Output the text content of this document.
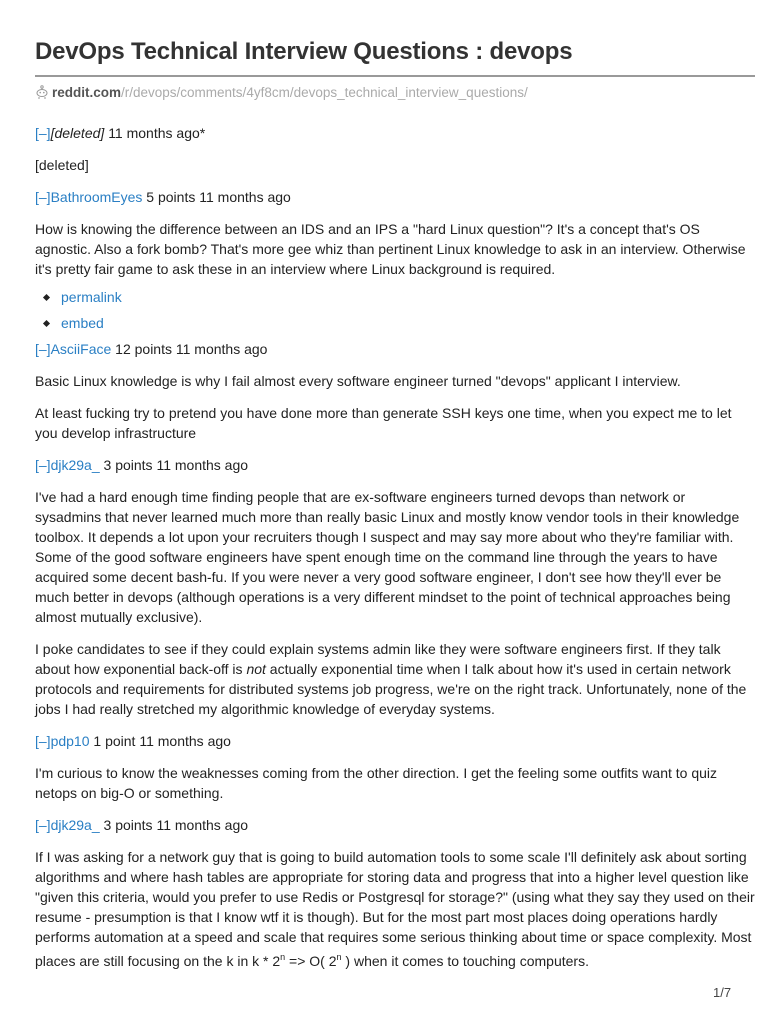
DevOps Technical Interview Questions : devops
reddit.com /r/devops/comments/4yf8cm/devops_technical_interview_questions/

[–][deleted] 11 months ago*

[deleted]

[–]BathroomEyes 5 points 11 months ago

How is knowing the difference between an IDS and an IPS a "hard Linux question"? It's a concept that's OS agnostic. Also a fork bomb? That's more gee whiz than pertinent Linux knowledge to ask in an interview. Otherwise it's pretty fair game to ask these in an interview where Linux background is required.

permalink
embed

[–]AsciiFace 12 points 11 months ago

Basic Linux knowledge is why I fail almost every software engineer turned "devops" applicant I interview.

At least fucking try to pretend you have done more than generate SSH keys one time, when you expect me to let you develop infrastructure

[–]djk29a_ 3 points 11 months ago

I've had a hard enough time finding people that are ex-software engineers turned devops than network or sysadmins that never learned much more than really basic Linux and mostly know vendor tools in their knowledge toolbox. It depends a lot upon your recruiters though I suspect and may say more about who they're familiar with. Some of the good software engineers have spent enough time on the command line through the years to have acquired some decent bash-fu. If you were never a very good software engineer, I don't see how they'll ever be much better in devops (although operations is a very different mindset to the point of technical approaches being almost mutually exclusive).

I poke candidates to see if they could explain systems admin like they were software engineers first. If they talk about how exponential back-off is not actually exponential time when I talk about how it's used in certain network protocols and requirements for distributed systems job progress, we're on the right track. Unfortunately, none of the jobs I had really stretched my algorithmic knowledge of everyday systems.

[–]pdp10 1 point 11 months ago

I'm curious to know the weaknesses coming from the other direction. I get the feeling some outfits want to quiz netops on big-O or something.

[–]djk29a_ 3 points 11 months ago

If I was asking for a network guy that is going to build automation tools to some scale I'll definitely ask about sorting algorithms and where hash tables are appropriate for storing data and progress that into a higher level question like "given this criteria, would you prefer to use Redis or Postgresql for storage?" (using what they say they used on their resume - presumption is that I know wtf it is though). But for the most part most places doing operations hardly performs automation at a speed and scale that requires some serious thinking about time or space complexity. Most places are still focusing on the k in $k * 2^n => O$( 2$^n$ ) when it comes to touching computers.

1/7
